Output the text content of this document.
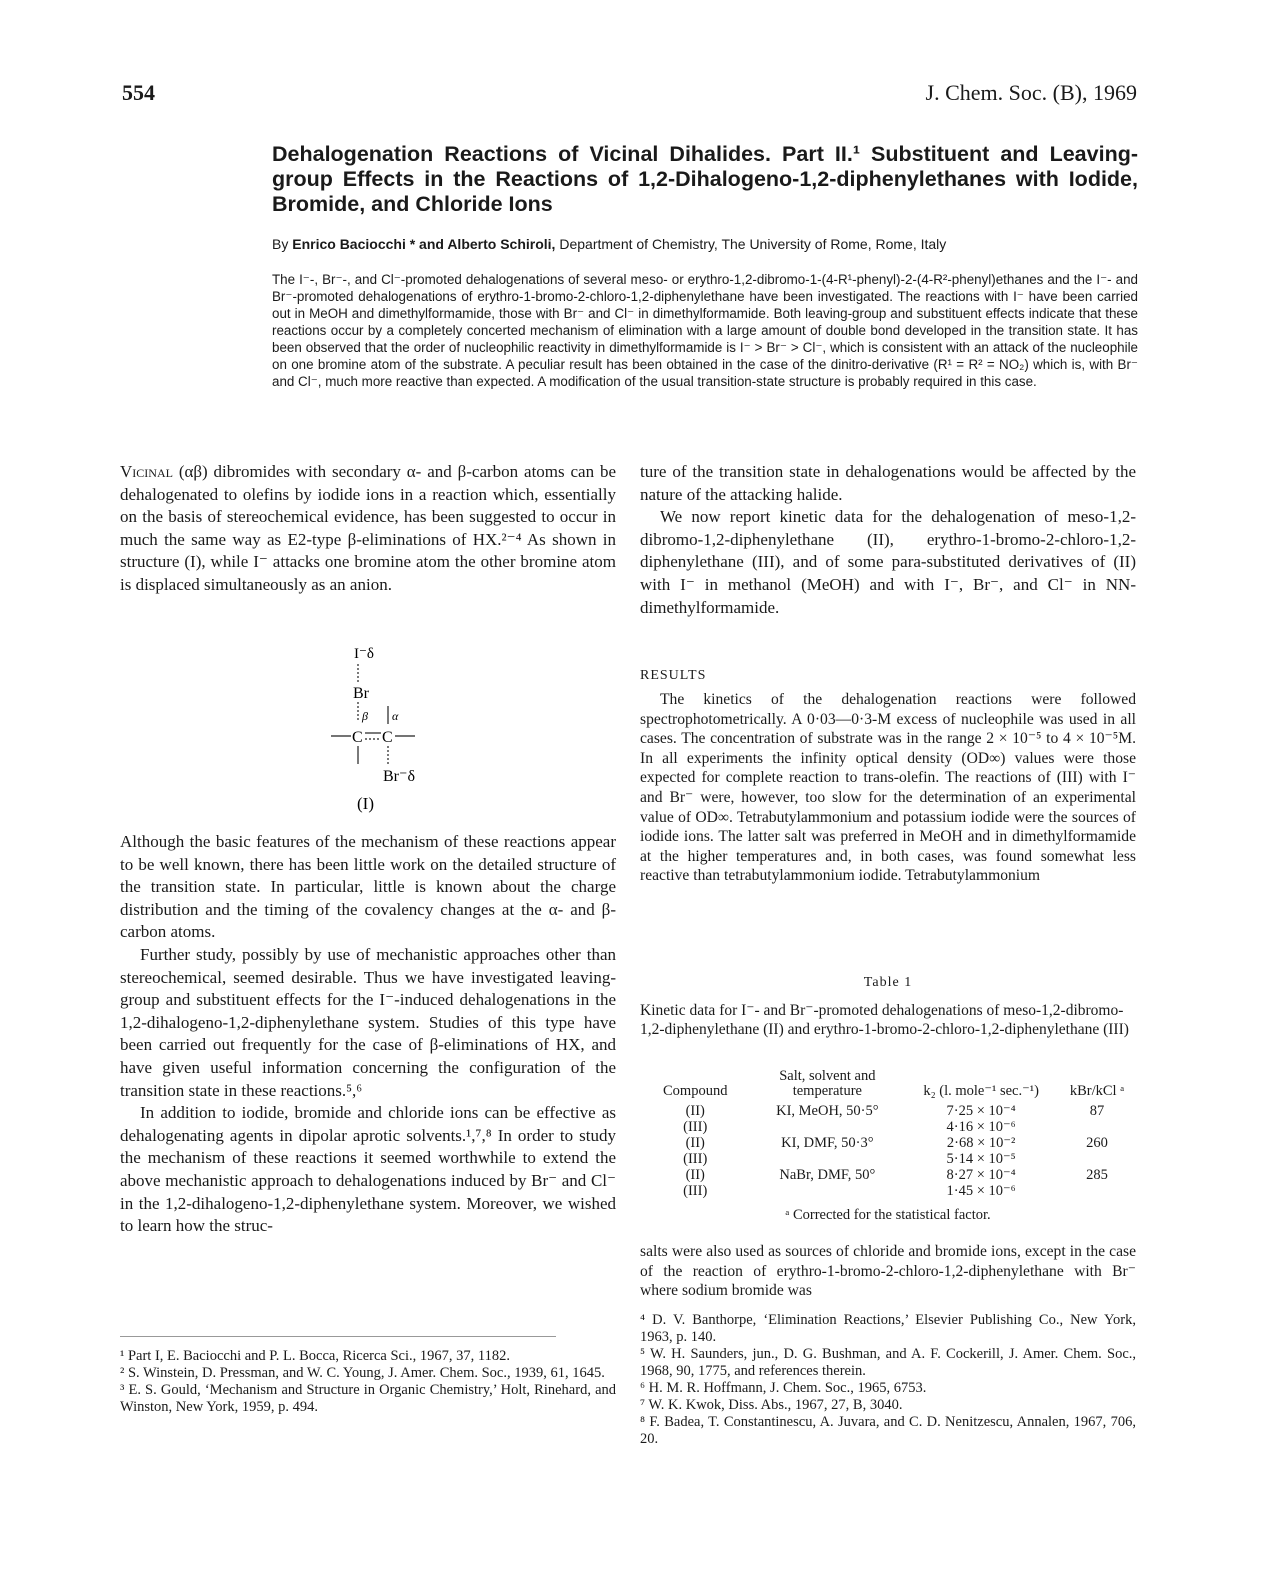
554	J. Chem. Soc. (B), 1969
Dehalogenation Reactions of Vicinal Dihalides. Part II.¹ Substituent and Leaving-group Effects in the Reactions of 1,2-Dihalogeno-1,2-diphenylethanes with Iodide, Bromide, and Chloride Ions
By Enrico Baciocchi * and Alberto Schiroli, Department of Chemistry, The University of Rome, Rome, Italy
The I⁻-, Br⁻-, and Cl⁻-promoted dehalogenations of several meso- or erythro-1,2-dibromo-1-(4-R¹-phenyl)-2-(4-R²-phenyl)ethanes and the I⁻- and Br⁻-promoted dehalogenations of erythro-1-bromo-2-chloro-1,2-diphenylethane have been investigated. The reactions with I⁻ have been carried out in MeOH and dimethylformamide, those with Br⁻ and Cl⁻ in dimethylformamide. Both leaving-group and substituent effects indicate that these reactions occur by a completely concerted mechanism of elimination with a large amount of double bond developed in the transition state. It has been observed that the order of nucleophilic reactivity in dimethylformamide is I⁻ > Br⁻ > Cl⁻, which is consistent with an attack of the nucleophile on one bromine atom of the substrate. A peculiar result has been obtained in the case of the dinitro-derivative (R¹ = R² = NO₂) which is, with Br⁻ and Cl⁻, much more reactive than expected. A modification of the usual transition-state structure is probably required in this case.

Vicinal (αβ) dibromides with secondary α- and β-carbon atoms can be dehalogenated to olefins by iodide ions in a reaction which, essentially on the basis of stereochemical evidence, has been suggested to occur in much the same way as E2-type β-eliminations of HX.²⁻⁴ As shown in structure (I), while I⁻ attacks one bromine atom the other bromine atom is displaced simultaneously as an anion.

I⁻δ
Br
β α
C C
Br⁻δ
(I)

Although the basic features of the mechanism of these reactions appear to be well known, there has been little work on the detailed structure of the transition state. In particular, little is known about the charge distribution and the timing of the covalency changes at the α- and β-carbon atoms.

Further study, possibly by use of mechanistic approaches other than stereochemical, seemed desirable. Thus we have investigated leaving-group and substituent effects for the I⁻-induced dehalogenations in the 1,2-dihalogeno-1,2-diphenylethane system. Studies of this type have been carried out frequently for the case of β-eliminations of HX, and have given useful information concerning the configuration of the transition state in these reactions.⁵,⁶

In addition to iodide, bromide and chloride ions can be effective as dehalogenating agents in dipolar aprotic solvents.¹,⁷,⁸ In order to study the mechanism of these reactions it seemed worthwhile to extend the above mechanistic approach to dehalogenations induced by Br⁻ and Cl⁻ in the 1,2-dihalogeno-1,2-diphenylethane system. Moreover, we wished to learn how the struc-

¹ Part I, E. Baciocchi and P. L. Bocca, Ricerca Sci., 1967, 37, 1182.

² S. Winstein, D. Pressman, and W. C. Young, J. Amer. Chem. Soc., 1939, 61, 1645.

³ E. S. Gould, ‘Mechanism and Structure in Organic Chemistry,’ Holt, Rinehard, and Winston, New York, 1959, p. 494.

ture of the transition state in dehalogenations would be affected by the nature of the attacking halide.

We now report kinetic data for the dehalogenation of meso-1,2-dibromo-1,2-diphenylethane (II), erythro-1-bromo-2-chloro-1,2-diphenylethane (III), and of some para-substituted derivatives of (II) with I⁻ in methanol (MeOH) and with I⁻, Br⁻, and Cl⁻ in NN-dimethylformamide.

RESULTS

The kinetics of the dehalogenation reactions were followed spectrophotometrically. A 0·03—0·3-M excess of nucleophile was used in all cases. The concentration of substrate was in the range 2 × 10⁻⁵ to 4 × 10⁻⁵M. In all experiments the infinity optical density (OD∞) values were those expected for complete reaction to trans-olefin. The reactions of (III) with I⁻ and Br⁻ were, however, too slow for the determination of an experimental value of OD∞. Tetrabutylammonium and potassium iodide were the sources of iodide ions. The latter salt was preferred in MeOH and in dimethylformamide at the higher temperatures and, in both cases, was found somewhat less reactive than tetrabutylammonium iodide. Tetrabutylammonium

Table 1
Kinetic data for I⁻- and Br⁻-promoted dehalogenations of meso-1,2-dibromo-1,2-diphenylethane (II) and erythro-1-bromo-2-chloro-1,2-diphenylethane (III)
Compound	Salt, solvent and temperature	k₂ (l. mole⁻¹ sec.⁻¹)	kBr/kCl ᵃ
(II)	KI, MeOH, 50·5°	7·25 × 10⁻⁴	87
(III)		4·16 × 10⁻⁶	
(II)	KI, DMF, 50·3°	2·68 × 10⁻²	260
(III)		5·14 × 10⁻⁵	
(II)	NaBr, DMF, 50°	8·27 × 10⁻⁴	285
(III)		1·45 × 10⁻⁶	
ᵃ Corrected for the statistical factor.

salts were also used as sources of chloride and bromide ions, except in the case of the reaction of erythro-1-bromo-2-chloro-1,2-diphenylethane with Br⁻ where sodium bromide was

⁴ D. V. Banthorpe, ‘Elimination Reactions,’ Elsevier Publishing Co., New York, 1963, p. 140.

⁵ W. H. Saunders, jun., D. G. Bushman, and A. F. Cockerill, J. Amer. Chem. Soc., 1968, 90, 1775, and references therein.

⁶ H. M. R. Hoffmann, J. Chem. Soc., 1965, 6753.

⁷ W. K. Kwok, Diss. Abs., 1967, 27, B, 3040.

⁸ F. Badea, T. Constantinescu, A. Juvara, and C. D. Nenitzescu, Annalen, 1967, 706, 20.
